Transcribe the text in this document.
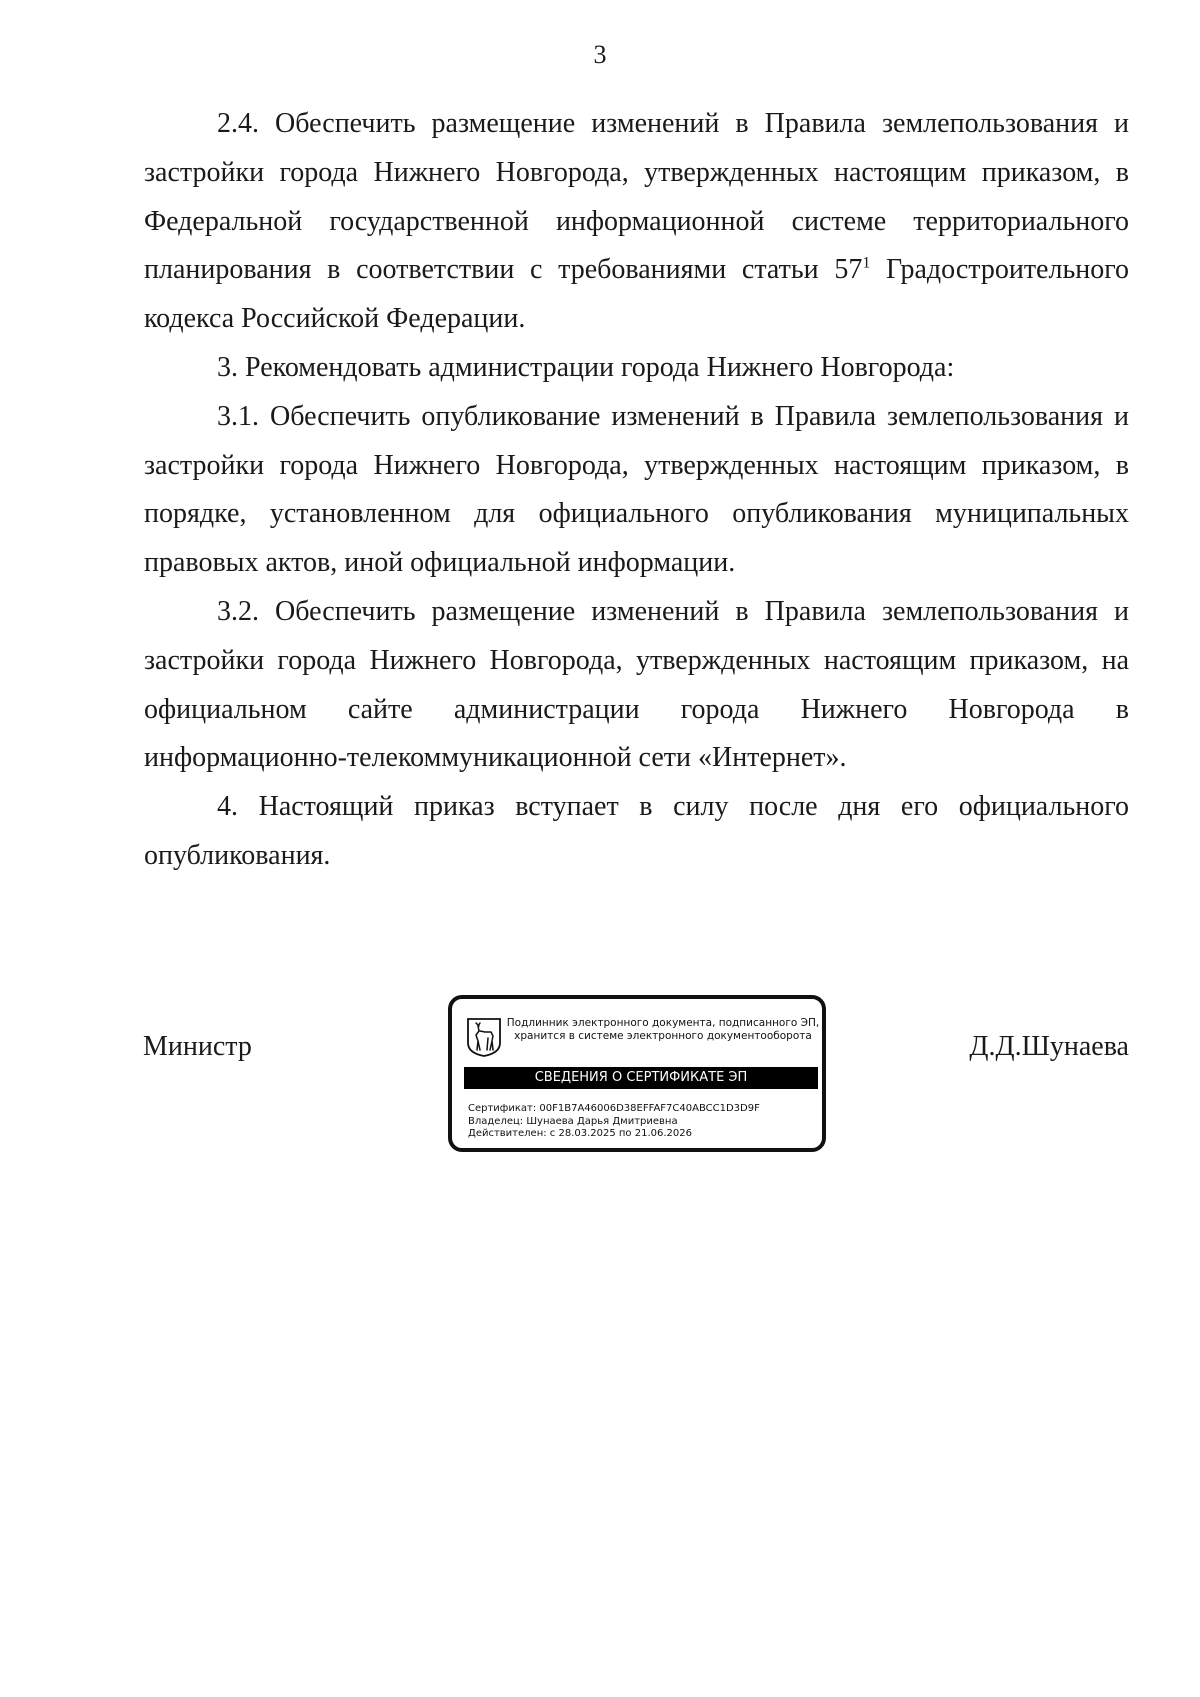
3

2.4. Обеспечить размещение изменений в Правила землепользования и застройки города Нижнего Новгорода, утвержденных настоящим приказом, в Федеральной государственной информационной системе территориального планирования в соответствии с требованиями статьи $57^1$ Градостроительного кодекса Российской Федерации.

3. Рекомендовать администрации города Нижнего Новгорода:

3.1. Обеспечить опубликование изменений в Правила землепользования и застройки города Нижнего Новгорода, утвержденных настоящим приказом, в порядке, установленном для официального опубликования муниципальных правовых актов, иной официальной информации.

3.2. Обеспечить размещение изменений в Правила землепользования и застройки города Нижнего Новгорода, утвержденных настоящим приказом, на официальном сайте администрации города Нижнего Новгорода в информационно-телекоммуникационной сети «Интернет».

4. Настоящий приказ вступает в силу после дня его официального опубликования.

Министр	Д.Д.Шунаева
Подлинник электронного документа, подписанного ЭП,
хранится в системе электронного документооборота
СВЕДЕНИЯ О СЕРТИФИКАТЕ ЭП
Сертификат: 00F1B7A46006D38EFFAF7C40ABCC1D3D9F
Владелец: Шунаева Дарья Дмитриевна
Действителен: с 28.03.2025 по 21.06.2026
